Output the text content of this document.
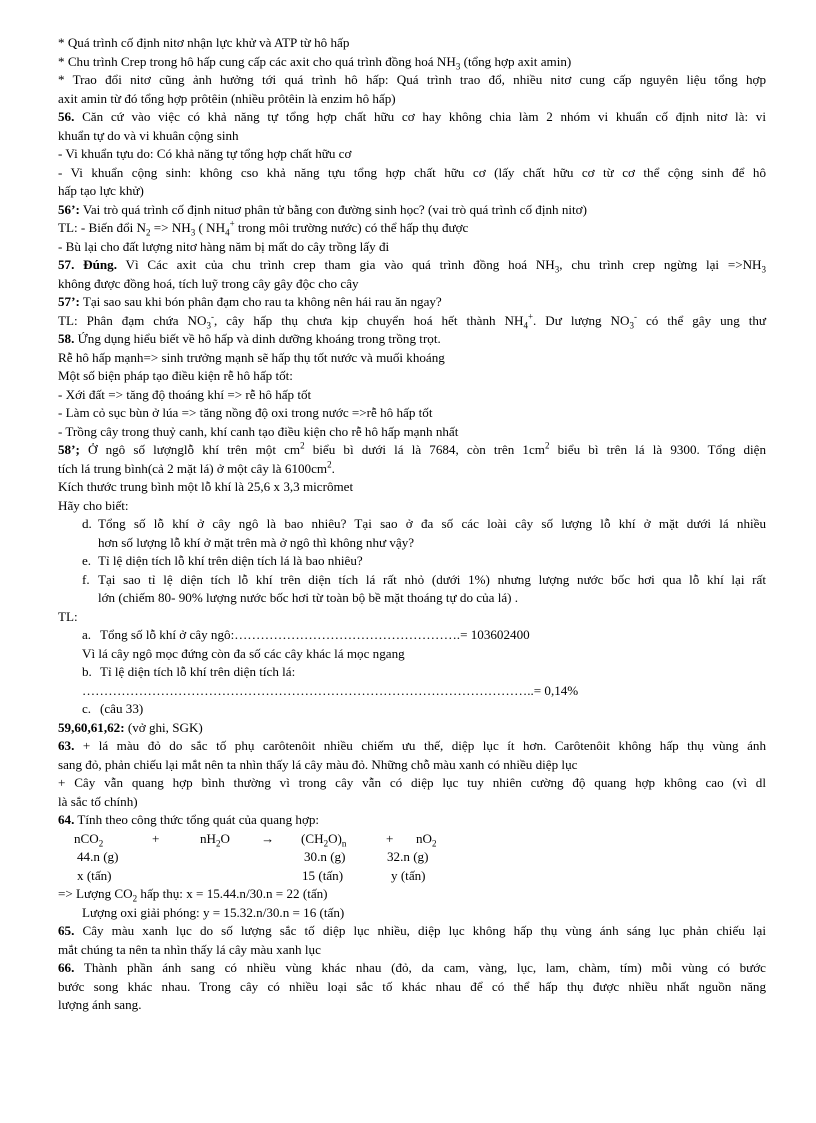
* Quá trình cố định nitơ nhận lực khử và ATP từ hô hấp
* Chu trình Crep trong hô hấp cung cấp các axit cho quá trình đồng hoá $NH_3$ (tổng hợp axit amin)
* Trao đổi nitơ cũng ảnh hưởng tới quá trình hô hấp: Quá trình trao đổ, nhiều nitơ cung cấp nguyên liệu tổng hợp
axit amin từ đó tổng hợp prôtêin (nhiều prôtêin là enzim hô hấp)
56. Căn cứ vào việc có khả năng tự tổng hợp chất hữu cơ hay không chia làm 2 nhóm vi khuẩn cố định nitơ là: vi
khuẩn tự do và vi khuân cộng sinh
- Vi khuẩn tựu do: Có khả năng tự tổng hợp chất hữu cơ
- Vi khuẩn cộng sinh: không cso khả năng tựu tổng hợp chất hữu cơ (lấy chất hữu cơ từ cơ thể cộng sinh để hô
hấp tạo lực khử)
56’: Vai trò quá trình cố định nituơ phân tử bằng con đường sinh học? (vai trò quá trình cố định nitơ)
TL: - Biến đổi $N_2 => NH_3$ ( $NH_4^+$ trong môi trường nước) có thể hấp thụ được
- Bù lại cho đất lượng nitơ hàng năm bị mất do cây trồng lấy đi
57. Đúng. Vì Các axit của chu trình crep tham gia vào quá trình đồng hoá $NH_3$, chu trình crep ngừng lại $=>NH_3$
không được đồng hoá, tích luỹ trong cây gây độc cho cây
57’: Tại sao sau khi bón phân đạm cho rau ta không nên hái rau ăn ngay?
TL: Phân đạm chứa $NO_3^-$, cây hấp thụ chưa kịp chuyển hoá hết thành $NH_4^+$. Dư lượng $NO_3^-$ có thể gây ung thư
58. Ứng dụng hiểu biết về hô hấp và dinh dưỡng khoáng trong trồng trọt.
Rễ hô hấp mạnh=> sinh trưởng mạnh sẽ hấp thụ tốt nước và muối khoáng
Một số biện pháp tạo điều kiện rễ hô hấp tốt:
- Xới đất => tăng độ thoáng khí => rễ hô hấp tốt
- Làm cỏ sục bùn ở lúa => tăng nồng độ oxi trong nước =>rễ hô hấp tốt
- Trồng cây trong thuỷ canh, khí canh tạo điều kiện cho rễ hô hấp mạnh nhất
58’; Ở ngô số lượnglỗ khí trên một $cm^2$ biểu bì dưới lá là 7684, còn trên $1cm^2$ biểu bì trên lá là 9300. Tổng diện
tích lá trung bình(cả 2 mặt lá) ở một cây là $6100cm^2$.
Kích thước trung bình một lỗ khí là 25,6 x 3,3 micrômet
Hãy cho biết:
d. Tổng số lỗ khí ở cây ngô là bao nhiêu? Tại sao ở đa số các loài cây số lượng lỗ khí ở mặt dưới lá nhiều
hơn số lượng lỗ khí ở mặt trên mà ở ngô thì không như vậy?
e. Tỉ lệ diện tích lỗ khí trên diện tích lá là bao nhiêu?
f. Tại sao tỉ lệ diện tích lỗ khí trên diện tích lá rất nhỏ (dưới 1%) nhưng lượng nước bốc hơi qua lỗ khí lại rất
lớn (chiếm 80- 90% lượng nước bốc hơi từ toàn bộ bề mặt thoáng tự do của lá) .
TL:
a. Tổng số lỗ khí ở cây ngô:…………………………………………….= 103602400
Vì lá cây ngô mọc đứng còn đa số các cây khác lá mọc ngang
b. Tỉ lệ diện tích lỗ khí trên diện tích lá:
…………………………………………………………………………………………..= 0,14%
c. (câu 33)
59,60,61,62: (vở ghi, SGK)
63. + lá màu đỏ do sắc tố phụ carôtenôit nhiều chiếm ưu thế, diệp lục ít hơn. Carôtenôit không hấp thụ vùng ánh
sang đỏ, phản chiếu lại mắt nên ta nhìn thấy lá cây màu đỏ. Những chỗ màu xanh có nhiều diệp lục
+ Cây vẫn quang hợp bình thường vì trong cây vẫn có diệp lục tuy nhiên cường độ quang hợp không cao (vì dl
là sắc tố chính)
64. Tính theo công thức tổng quát của quang hợp:
nCO$_2$	+	$nH_2O$	→	$(CH_2O)_n$	+	$nO_2$
44.n (g)	30.n (g)	32.n (g)
x (tấn)	15 (tấn)	y (tấn)
=> Lượng $CO_2$ hấp thụ: x = 15.44.n/30.n = 22 (tấn)
Lượng oxi giải phóng: y = 15.32.n/30.n = 16 (tấn)
65. Cây màu xanh lục do số lượng sắc tố diệp lục nhiều, diệp lục không hấp thụ vùng ánh sáng lục phản chiếu lại
mắt chúng ta nên ta nhìn thấy lá cây màu xanh lục
66. Thành phần ánh sang có nhiều vùng khác nhau (đỏ, da cam, vàng, lục, lam, chàm, tím) mỗi vùng có bước
bước song khác nhau. Trong cây có nhiều loại sắc tố khác nhau để có thể hấp thụ được nhiều nhất nguồn năng
lượng ánh sang.
